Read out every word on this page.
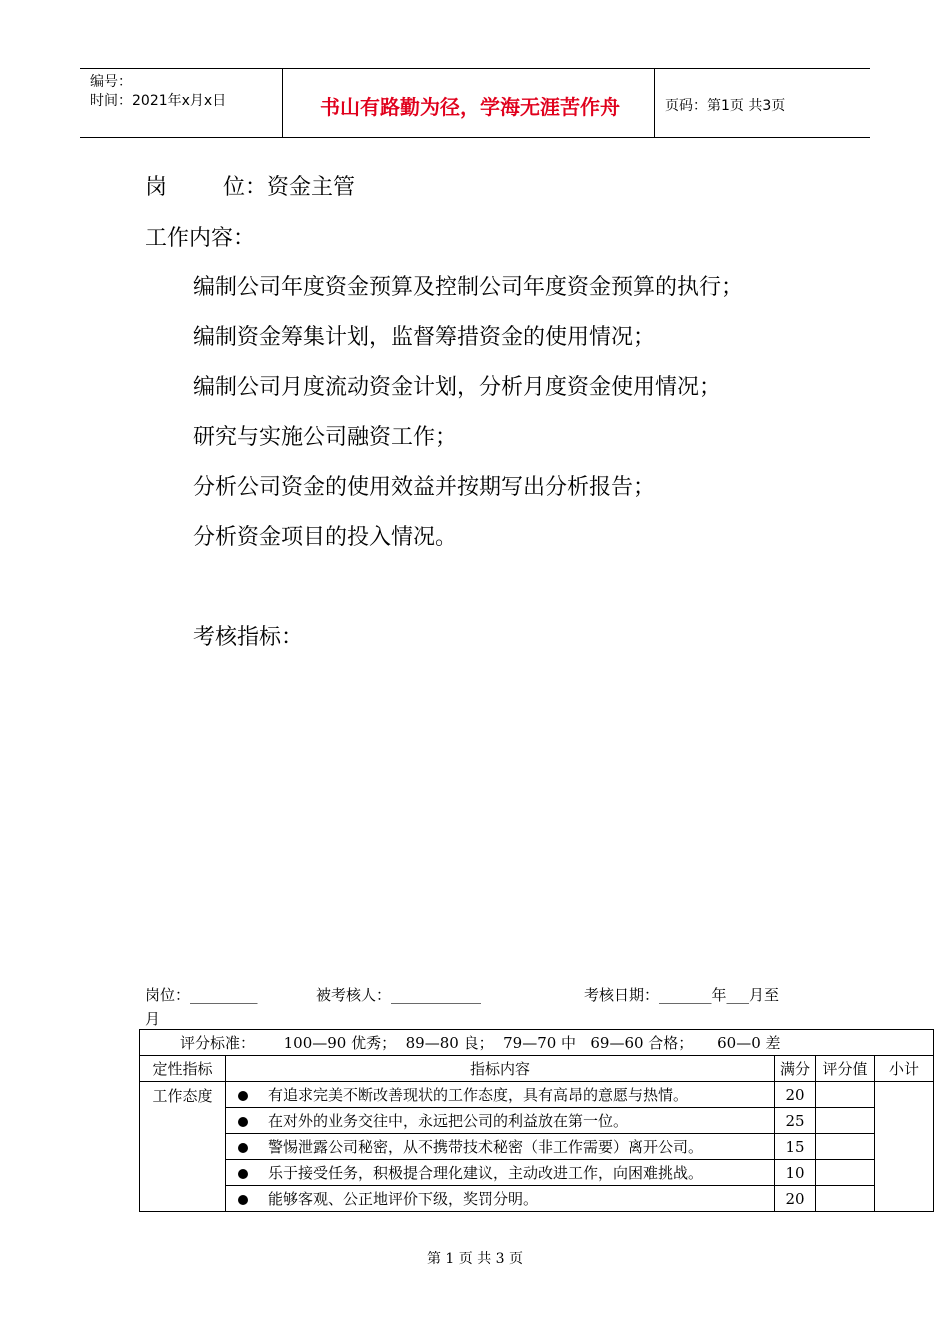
编号：
时间：2021年x月x日	书山有路勤为径，学海无涯苦作舟	页码：第1页 共3页
岗        位：资金主管
工作内容：
编制公司年度资金预算及控制公司年度资金预算的执行；
编制资金筹集计划，监督筹措资金的使用情况；
编制公司月度流动资金计划，分析月度资金使用情况；
研究与实施公司融资工作；
分析公司资金的使用效益并按期写出分析报告；
分析资金项目的投入情况。
考核指标：
岗位：_________	被考核人：____________	考核日期：_______年___月至
月
评分标准：      100—90 优秀；  89—80 良；  79—70 中   69—60 合格；     60—0 差				
定性指标	指标内容	满分	评分值	小计
工作态度	有追求完美不断改善现状的工作态度，具有高昂的意愿与热情。	20		
	在对外的业务交往中，永远把公司的利益放在第一位。	25		
	警惕泄露公司秘密，从不携带技术秘密（非工作需要）离开公司。	15		
	乐于接受任务，积极提合理化建议，主动改进工作，向困难挑战。	10		
	能够客观、公正地评价下级，奖罚分明。	20		
第 1 页 共 3 页
